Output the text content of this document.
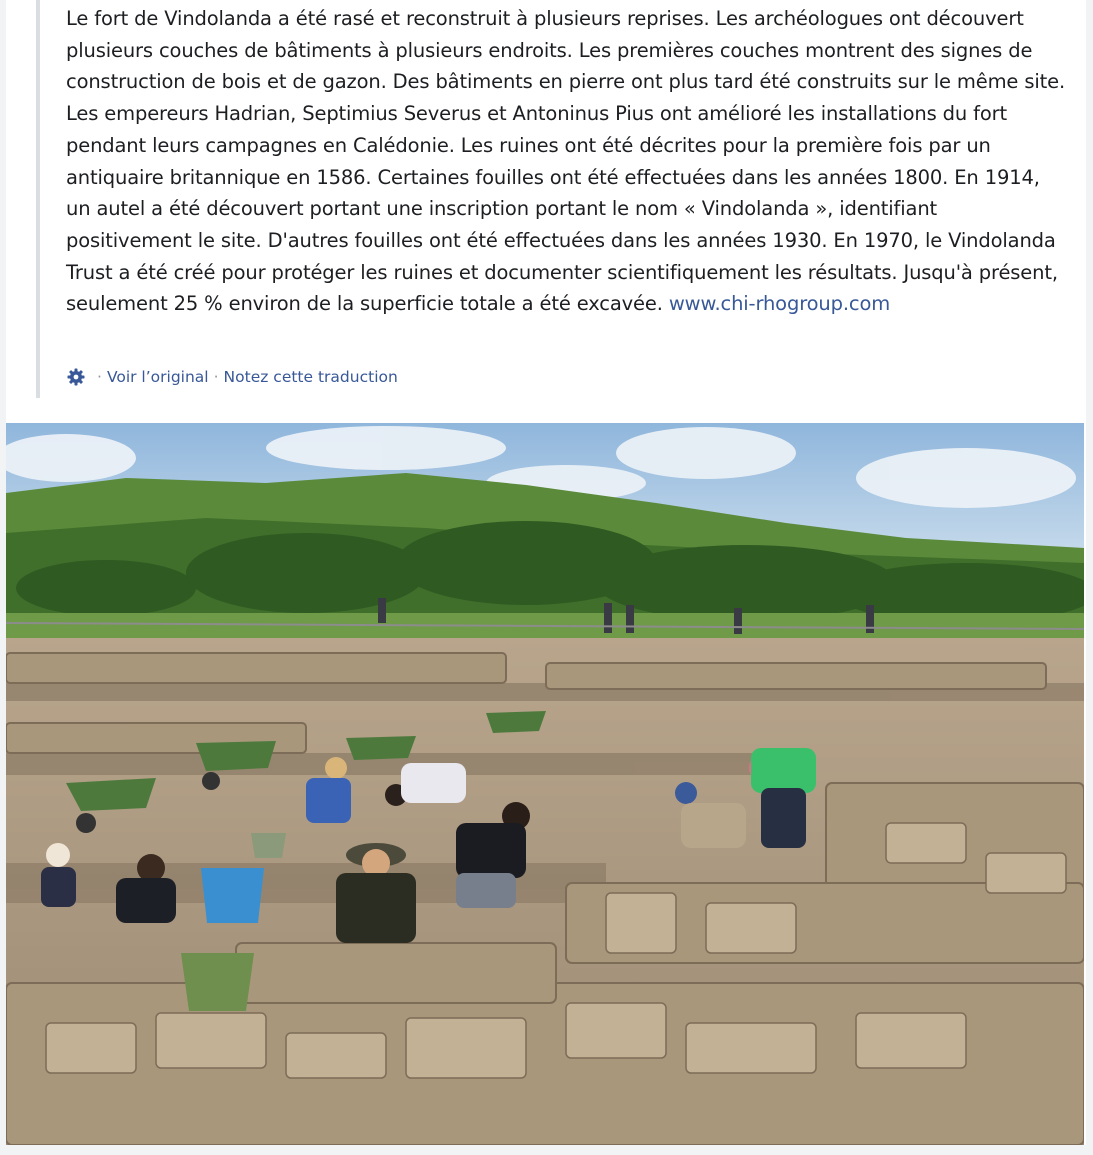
Le fort de Vindolanda a été rasé et reconstruit à plusieurs reprises. Les archéologues ont découvert plusieurs couches de bâtiments à plusieurs endroits. Les premières couches montrent des signes de construction de bois et de gazon. Des bâtiments en pierre ont plus tard été construits sur le même site. Les empereurs Hadrian, Septimius Severus et Antoninus Pius ont amélioré les installations du fort pendant leurs campagnes en Calédonie. Les ruines ont été décrites pour la première fois par un antiquaire britannique en 1586. Certaines fouilles ont été effectuées dans les années 1800. En 1914, un autel a été découvert portant une inscription portant le nom « Vindolanda », identifiant positivement le site. D'autres fouilles ont été effectuées dans les années 1930. En 1970, le Vindolanda Trust a été créé pour protéger les ruines et documenter scientifiquement les résultats. Jusqu'à présent, seulement 25 % environ de la superficie totale a été excavée. www.chi-rhogroup.com

· Voir l’original · Notez cette traduction
